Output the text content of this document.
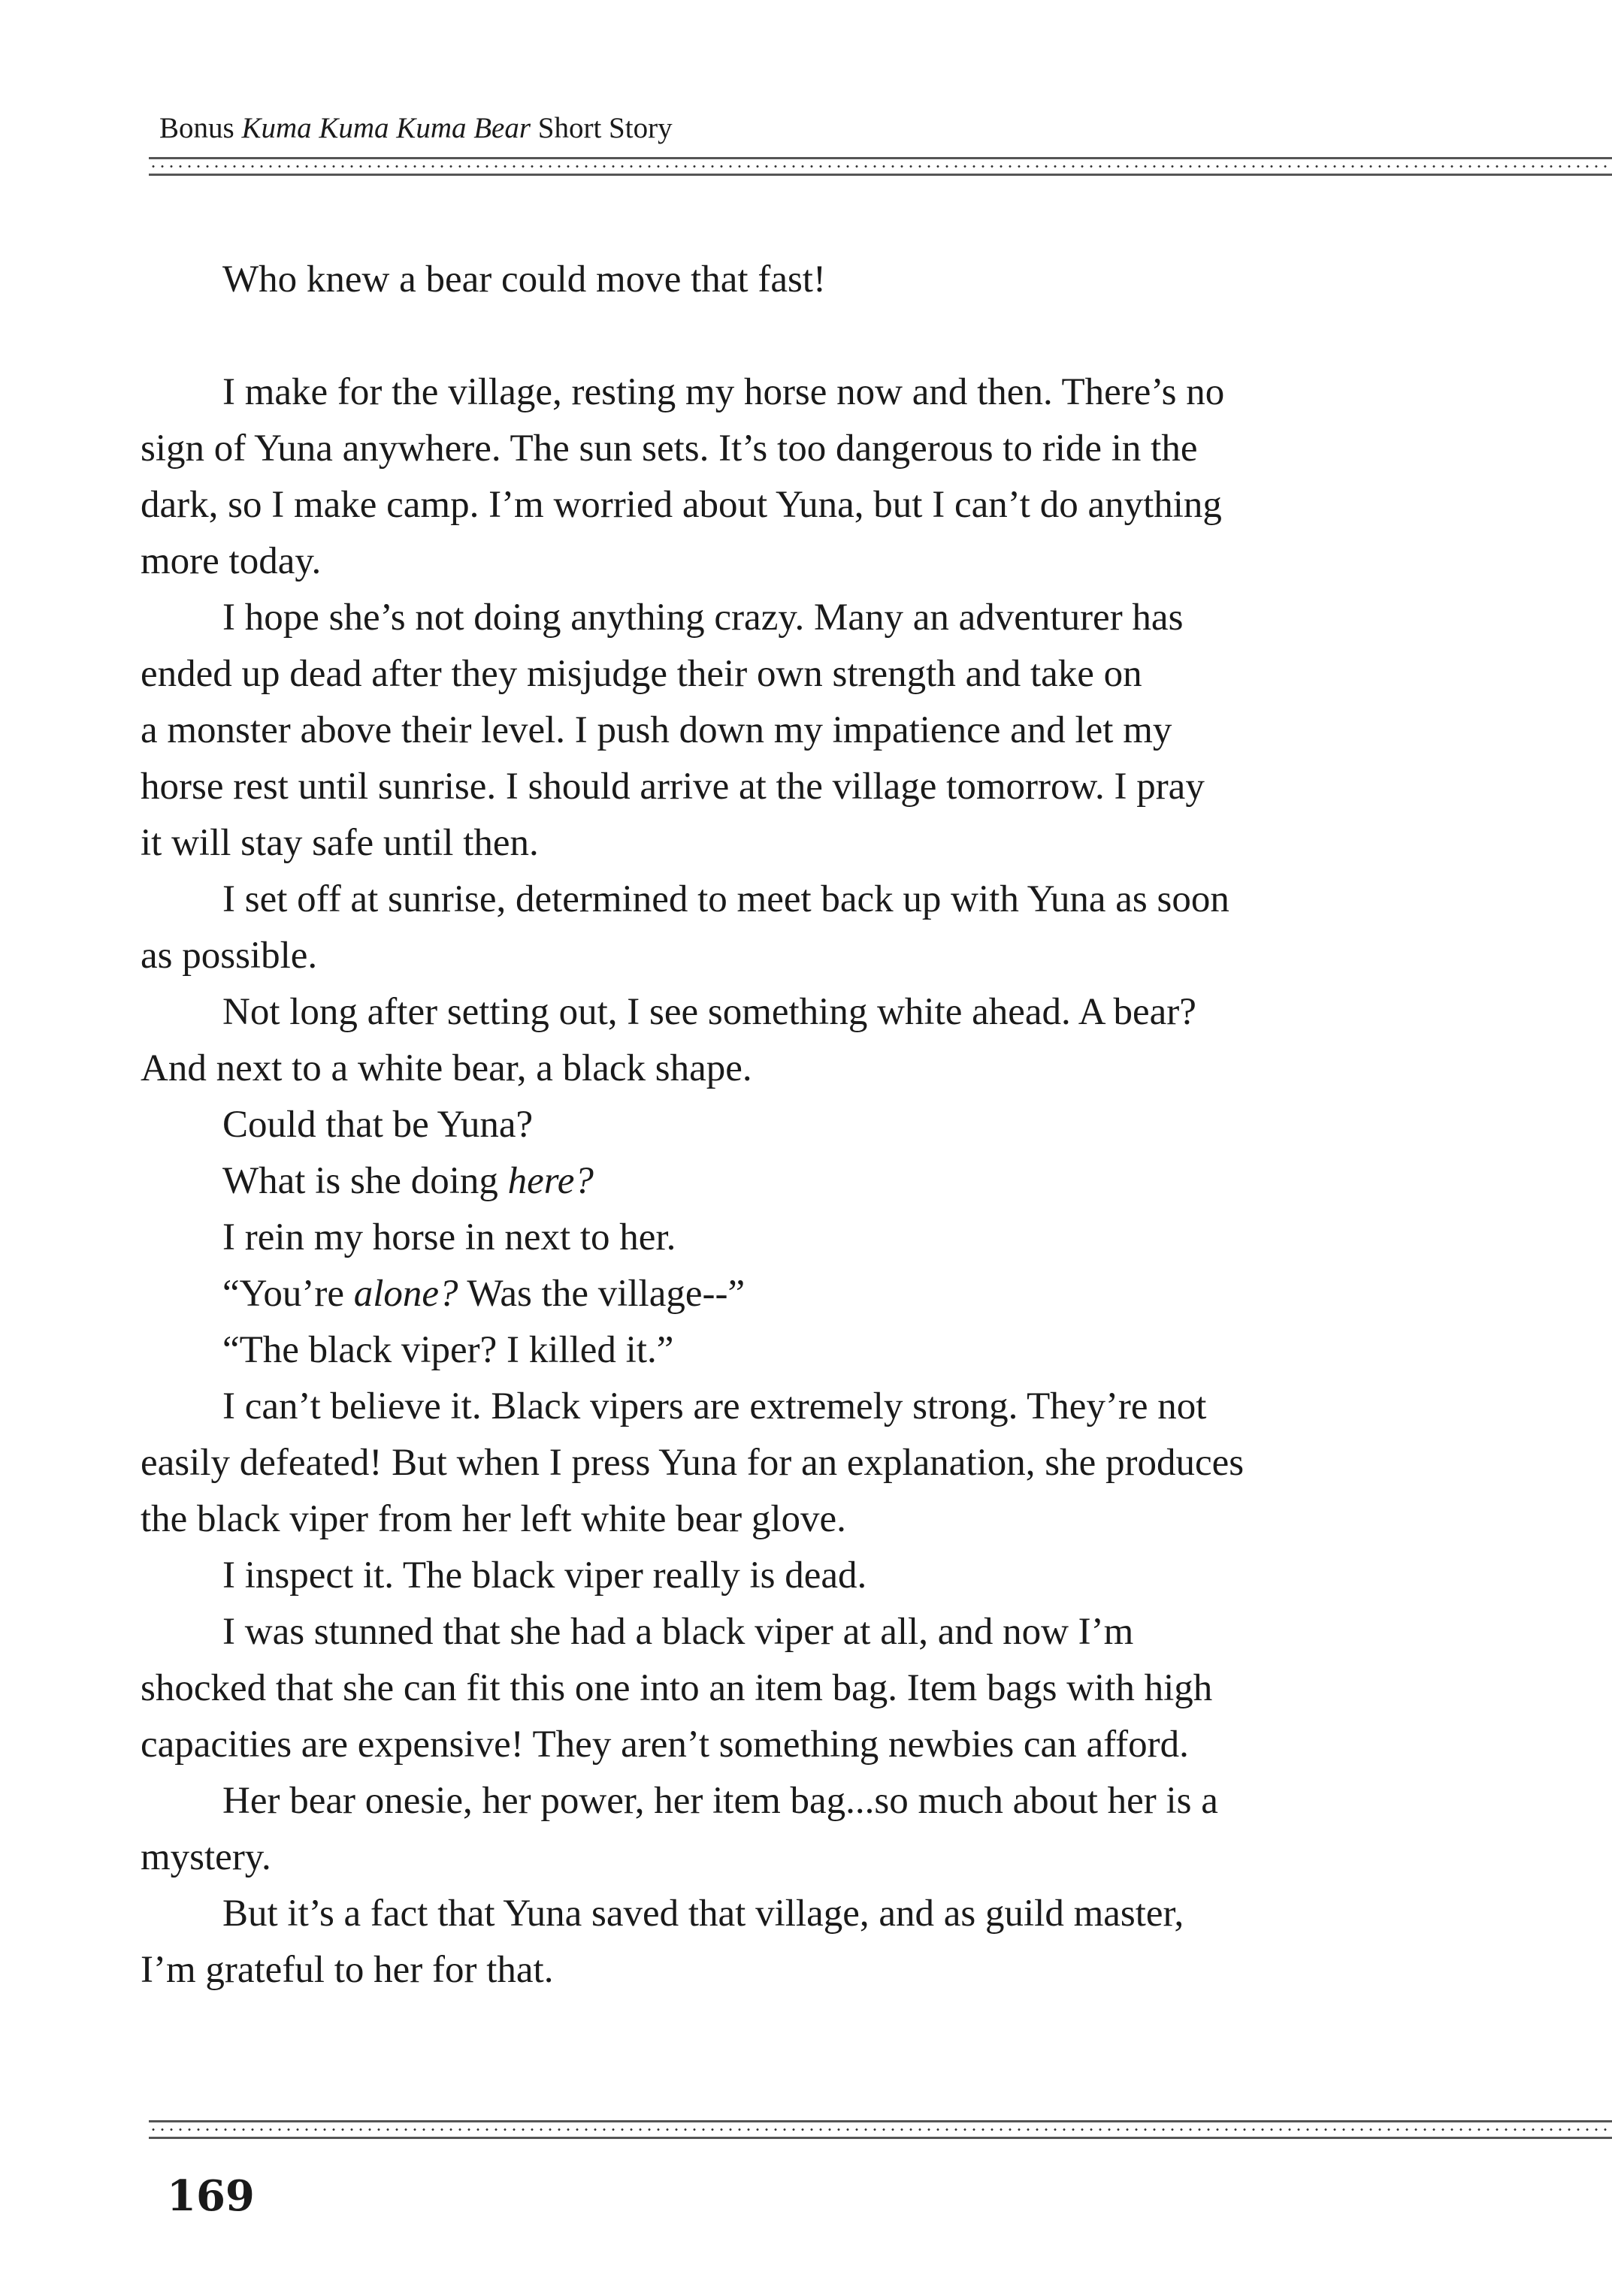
Bonus Kuma Kuma Kuma Bear Short Story
Who knew a bear could move that fast!
I make for the village, resting my horse now and then. There’s no
sign of Yuna anywhere. The sun sets. It’s too dangerous to ride in the
dark, so I make camp. I’m worried about Yuna, but I can’t do anything
more today.
I hope she’s not doing anything crazy. Many an adventurer has
ended up dead after they misjudge their own strength and take on
a monster above their level. I push down my impatience and let my
horse rest until sunrise. I should arrive at the village tomorrow. I pray
it will stay safe until then.
I set off at sunrise, determined to meet back up with Yuna as soon
as possible.
Not long after setting out, I see something white ahead. A bear?
And next to a white bear, a black shape.
Could that be Yuna?
What is she doing here?
I rein my horse in next to her.
“You’re alone? Was the village--”
“The black viper? I killed it.”
I can’t believe it. Black vipers are extremely strong. They’re not
easily defeated! But when I press Yuna for an explanation, she produces
the black viper from her left white bear glove.
I inspect it. The black viper really is dead.
I was stunned that she had a black viper at all, and now I’m
shocked that she can fit this one into an item bag. Item bags with high
capacities are expensive! They aren’t something newbies can afford.
Her bear onesie, her power, her item bag...so much about her is a
mystery.
But it’s a fact that Yuna saved that village, and as guild master,
I’m grateful to her for that.
169
